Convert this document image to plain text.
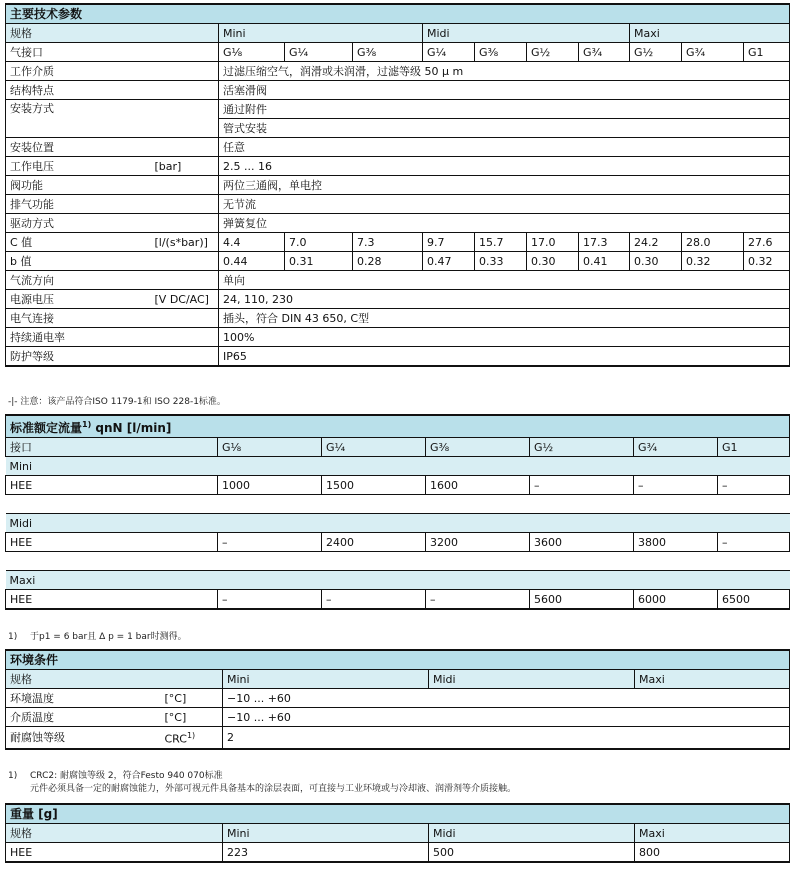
主要技术参数											
规格		Mini			Midi				Maxi		
气接口		G⅛	G¼	G⅜	G¼	G⅜	G½	G¾	G½	G¾	G1
工作介质		过滤压缩空气，润滑或未润滑，过滤等级 50 μ m									
结构特点		活塞滑阀									
安装方式		通过附件									
		管式安装									
安装位置		任意									
工作电压	[bar]	2.5 ... 16									
阀功能		两位三通阀，单电控									
排气功能		无节流									
驱动方式		弹簧复位									
C 值	[l/(s*bar)]	4.4	7.0	7.3	9.7	15.7	17.0	17.3	24.2	28.0	27.6
b 值		0.44	0.31	0.28	0.47	0.33	0.30	0.41	0.30	0.32	0.32
气流方向		单向									
电源电压	[V DC/AC]	24, 110, 230									
电气连接		插头，符合 DIN 43 650, C型									
持续通电率		100%									
防护等级		IP65									
-|- 注意：该产品符合ISO 1179-1和 ISO 228-1标准。
标准额定流量$^{1)}$ qnN [l/min]						
接口	G⅛	G¼	G⅜	G½	G¾	G1
Mini						
HEE	1000	1500	1600	–	–	–

Midi						
HEE	–	2400	3200	3600	3800	–

Maxi						
HEE	–	–	–	5600	6000	6500
1) 于p1 = 6 bar且 Δ p = 1 bar时测得。
环境条件				
规格		Mini	Midi	Maxi
环境温度	[°C]	−10 ... +60		
介质温度	[°C]	−10 ... +60		
耐腐蚀等级	CRC$^{1)}$	2		
1) CRC2: 耐腐蚀等级 2，符合Festo 940 070标准
元件必须具备一定的耐腐蚀能力，外部可视元件具备基本的涂层表面，可直接与工业环境或与冷却液、润滑剂等介质接触。
重量 [g]			
规格	Mini	Midi	Maxi
HEE	223	500	800
